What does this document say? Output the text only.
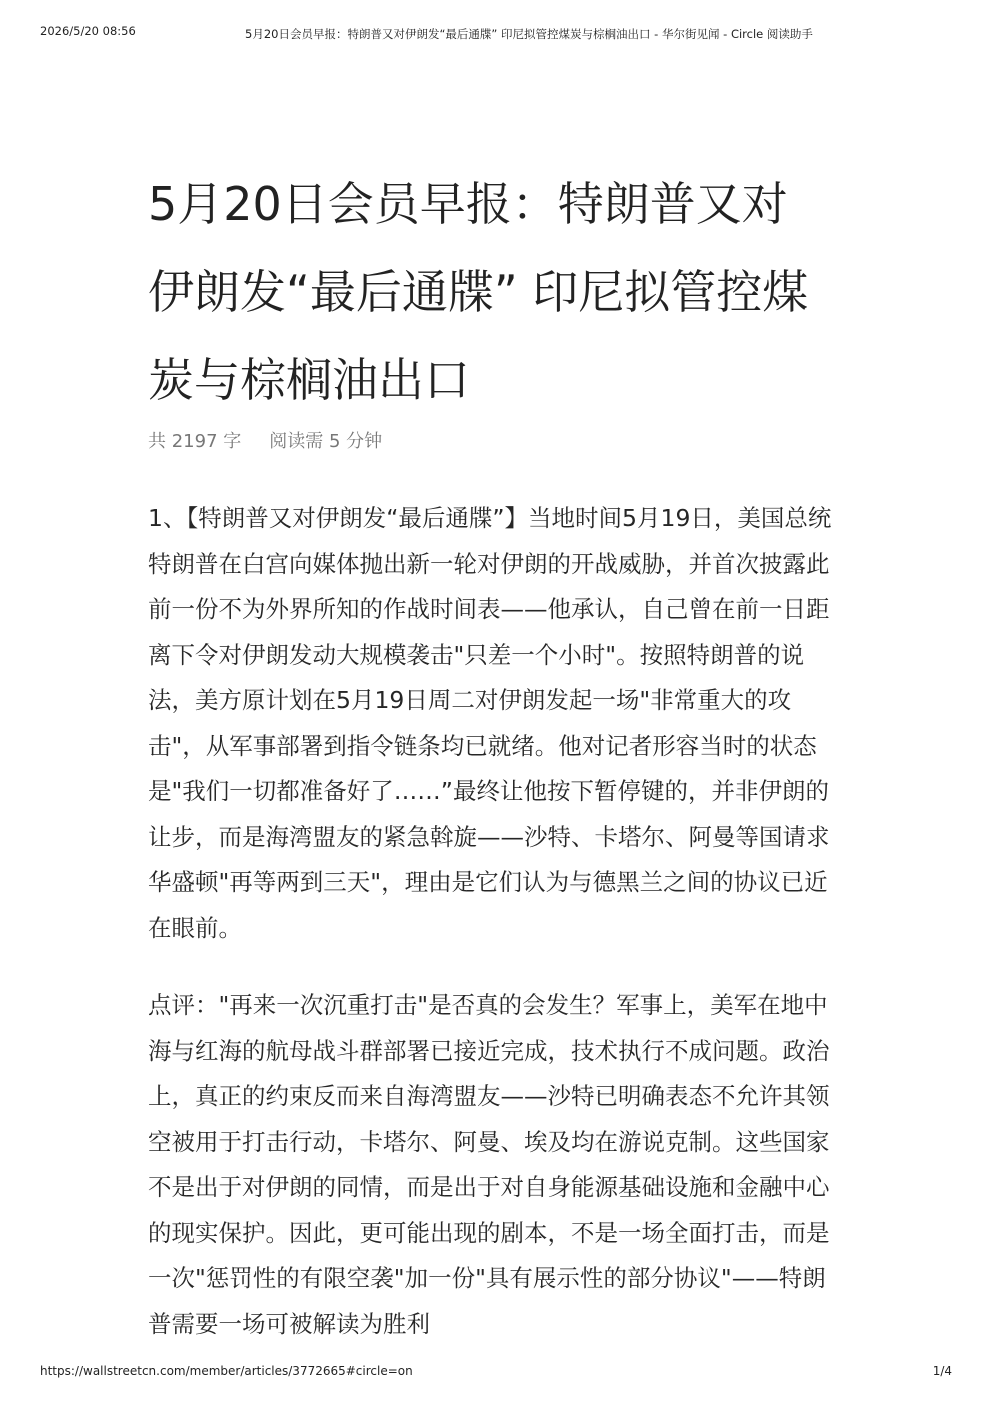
2026/5/20 08:56	5月20日会员早报：特朗普又对伊朗发“最后通牒” 印尼拟管控煤炭与棕榈油出口 - 华尔街见闻 - Circle 阅读助手
5月20日会员早报：特朗普又对
伊朗发“最后通牒” 印尼拟管控煤
炭与棕榈油出口
共 2197 字 阅读需 5 分钟

1、【特朗普又对伊朗发“最后通牒”】当地时间5月19日，美国总统特朗普在白宫向媒体抛出新一轮对伊朗的开战威胁，并首次披露此前一份不为外界所知的作战时间表——他承认，自己曾在前一日距离下令对伊朗发动大规模袭击"只差一个小时"。按照特朗普的说法，美方原计划在5月19日周二对伊朗发起一场"非常重大的攻击"，从军事部署到指令链条均已就绪。他对记者形容当时的状态是"我们一切都准备好了……”最终让他按下暂停键的，并非伊朗的让步，而是海湾盟友的紧急斡旋——沙特、卡塔尔、阿曼等国请求华盛顿"再等两到三天"，理由是它们认为与德黑兰之间的协议已近在眼前。

点评："再来一次沉重打击"是否真的会发生？军事上，美军在地中海与红海的航母战斗群部署已接近完成，技术执行不成问题。政治上，真正的约束反而来自海湾盟友——沙特已明确表态不允许其领空被用于打击行动，卡塔尔、阿曼、埃及均在游说克制。这些国家不是出于对伊朗的同情，而是出于对自身能源基础设施和金融中心的现实保护。因此，更可能出现的剧本，不是一场全面打击，而是一次"惩罚性的有限空袭"加一份"具有展示性的部分协议"——特朗普需要一场可被解读为胜利

https://wallstreetcn.com/member/articles/3772665#circle=on	1/4
